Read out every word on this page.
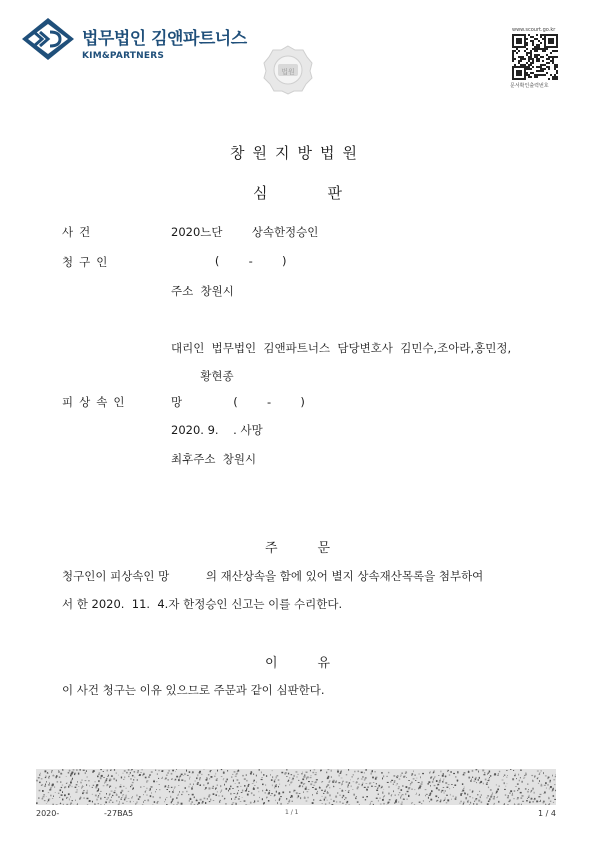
법무법인 김앤파트너스
KIM&PARTNERS
법원
www.scourt.go.kr
문서확인출력번호
창원지방법원
심	판
사건	2020느단        상속한정승인
청구인	(        -        )
주소  창원시
대리인  법무법인  김앤파트너스  담당변호사  김민수,조아라,홍민정,
황현종
피상속인	망              (        -        )
2020. 9.    . 사망
최후주소  창원시
주	문
청구인이 피상속인 망          의 재산상속을 함에 있어 별지 상속재산목록을 첨부하여
서 한 2020.  11.  4.자 한정승인 신고는 이를 수리한다.
이	유
이 사건 청구는 이유 있으므로 주문과 같이 심판한다.
2020-	-27BA5	1 / 1	1 / 4
